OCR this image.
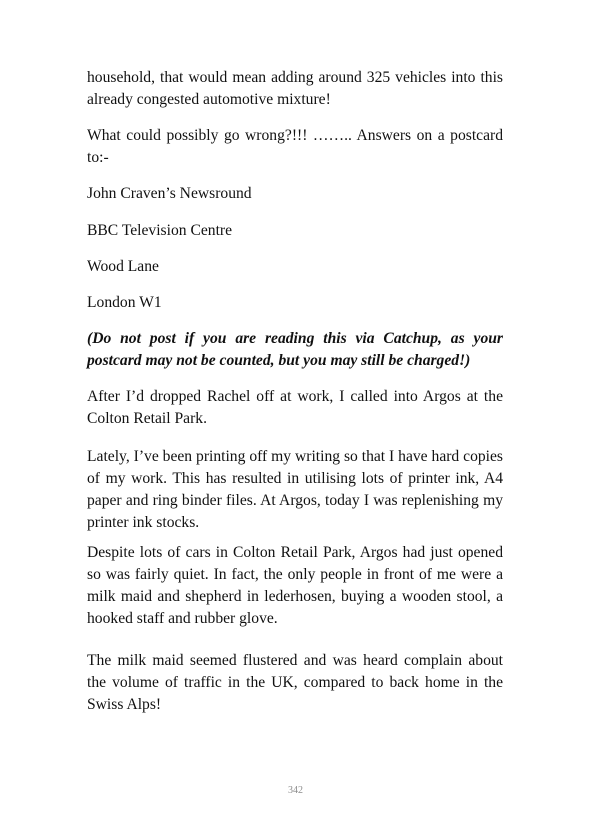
household, that would mean adding around 325 vehicles into this already congested automotive mixture!

What could possibly go wrong?!!! …….. Answers on a postcard to:-

John Craven’s Newsround

BBC Television Centre

Wood Lane

London W1

(Do not post if you are reading this via Catchup, as your postcard may not be counted, but you may still be charged!)

After I’d dropped Rachel off at work, I called into Argos at the Colton Retail Park.

Lately, I’ve been printing off my writing so that I have hard copies of my work. This has resulted in utilising lots of printer ink, A4 paper and ring binder files. At Argos, today I was replenishing my printer ink stocks.

Despite lots of cars in Colton Retail Park, Argos had just opened so was fairly quiet. In fact, the only people in front of me were a milk maid and shepherd in lederhosen, buying a wooden stool, a hooked staff and rubber glove.

The milk maid seemed flustered and was heard complain about the volume of traffic in the UK, compared to back home in the Swiss Alps!

342
